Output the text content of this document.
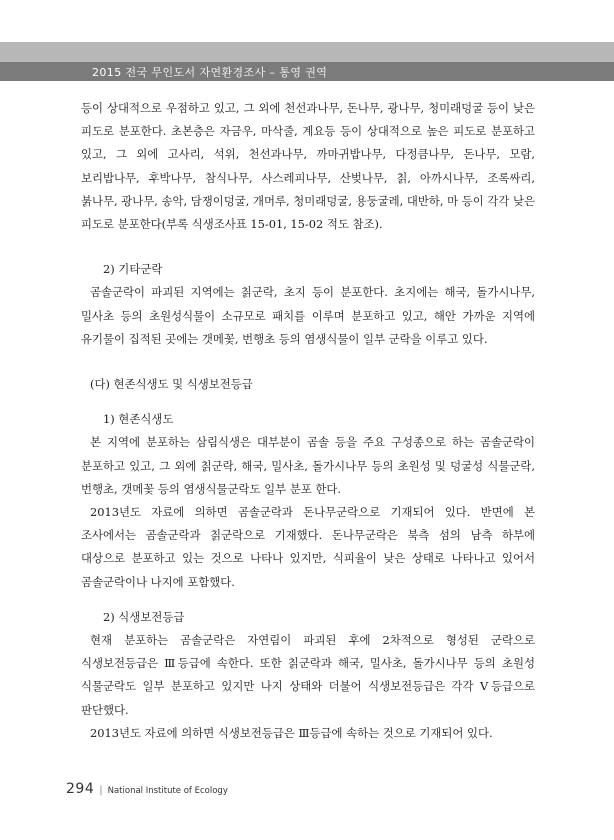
2015 전국 무인도서 자연환경조사 – 통영 권역

등이 상대적으로 우점하고 있고, 그 외에 천선과나무, 돈나무, 광나무, 청미래덩굴 등이 낮은 피도로 분포한다. 초본층은 자금우, 마삭줄, 계요등 등이 상대적으로 높은 피도로 분포하고 있고, 그 외에 고사리, 석위, 천선과나무, 까마귀밥나무, 다정큼나무, 돈나무, 모람, 보리밥나무, 후박나무, 참식나무, 사스레피나무, 산벚나무, 칡, 아까시나무, 조록싸리, 붉나무, 광나무, 송악, 담쟁이덩굴, 개머루, 청미래덩굴, 용둥굴레, 대반하, 마 등이 각각 낮은 피도로 분포한다(부록 식생조사표 15-01, 15-02 적도 참조).

2) 기타군락

곰솔군락이 파괴된 지역에는 칡군락, 초지 등이 분포한다. 초지에는 해국, 돌가시나무, 밀사초 등의 초원성식물이 소규모로 패치를 이루며 분포하고 있고, 해안 가까운 지역에 유기물이 집적된 곳에는 갯메꽃, 번행초 등의 염생식물이 일부 군락을 이루고 있다.

(다) 현존식생도 및 식생보전등급

1) 현존식생도

본 지역에 분포하는 삼림식생은 대부분이 곰솔 등을 주요 구성종으로 하는 곰솔군락이 분포하고 있고, 그 외에 칡군락, 해국, 밀사초, 돌가시나무 등의 초원성 및 덩굴성 식물군락, 번행초, 갯메꽃 등의 염생식물군락도 일부 분포 한다.

2013년도 자료에 의하면 곰솔군락과 돈나무군락으로 기재되어 있다. 반면에 본 조사에서는 곰솔군락과 칡군락으로 기재했다. 돈나무군락은 북측 섬의 남측 하부에 대상으로 분포하고 있는 것으로 나타나 있지만, 식피율이 낮은 상태로 나타나고 있어서 곰솔군락이나 나지에 포함했다.

2) 식생보전등급

현재 분포하는 곰솔군락은 자연림이 파괴된 후에 2차적으로 형성된 군락으로 식생보전등급은 Ⅲ등급에 속한다. 또한 칡군락과 해국, 밀사초, 돌가시나무 등의 초원성 식물군락도 일부 분포하고 있지만 나지 상태와 더불어 식생보전등급은 각각 Ⅴ등급으로 판단했다.

2013년도 자료에 의하면 식생보전등급은 Ⅲ등급에 속하는 것으로 기재되어 있다.

294 | National Institute of Ecology
